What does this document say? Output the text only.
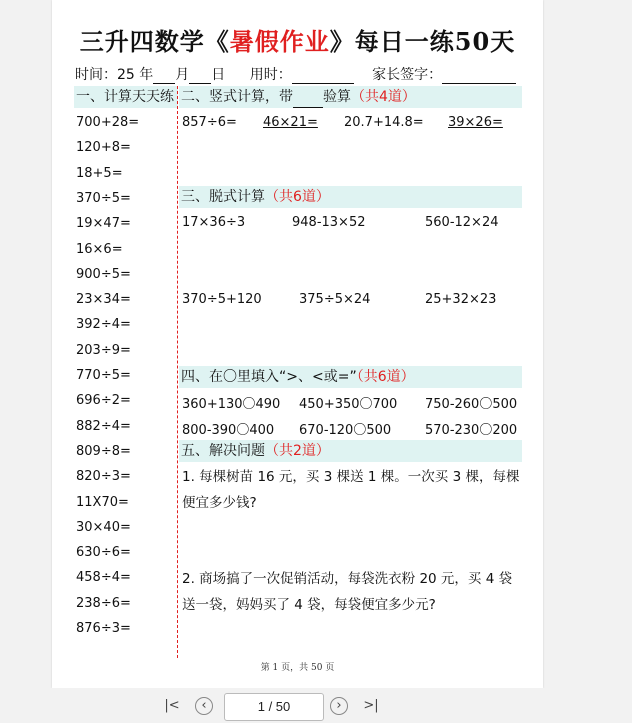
三升四数学《暑假作业》每日一练50天
时间：25 年 月 日 用时：	家长签字：
一、计算天天练 二、竖式计算，带 验算（共4道）
三、脱式计算（共6道）
四、在〇里填入“>、<或=”（共6道）
五、解决问题（共2道）
700+28=
120+8=
18+5=
370÷5=
19×47=
16×6=
900÷5=
23×34=
392÷4=
203÷9=
770÷5=
696÷2=
882÷4=
809÷8=
820÷3=
11X70=
30×40=
630÷6=
458÷4=
238÷6=
876÷3=
857÷6= 46×21= 20.7+14.8= 39×26=
17×36÷3	948-13×52	560-12×24
370÷5+120	375÷5×24	25+32×23
360+130〇490 450+350〇700 750-260〇500
800-390〇400 670-120〇500	570-230〇200
1. 每棵树苗 16 元，买 3 棵送 1 棵。一次买 3 棵，每棵便宜多少钱?
2. 商场搞了一次促销活动，每袋洗衣粉 20 元，买 4 袋送一袋，妈妈买了 4 袋，每袋便宜多少元?
第 1 页，共 50 页
|<	‹
1 / 50	›	>|
